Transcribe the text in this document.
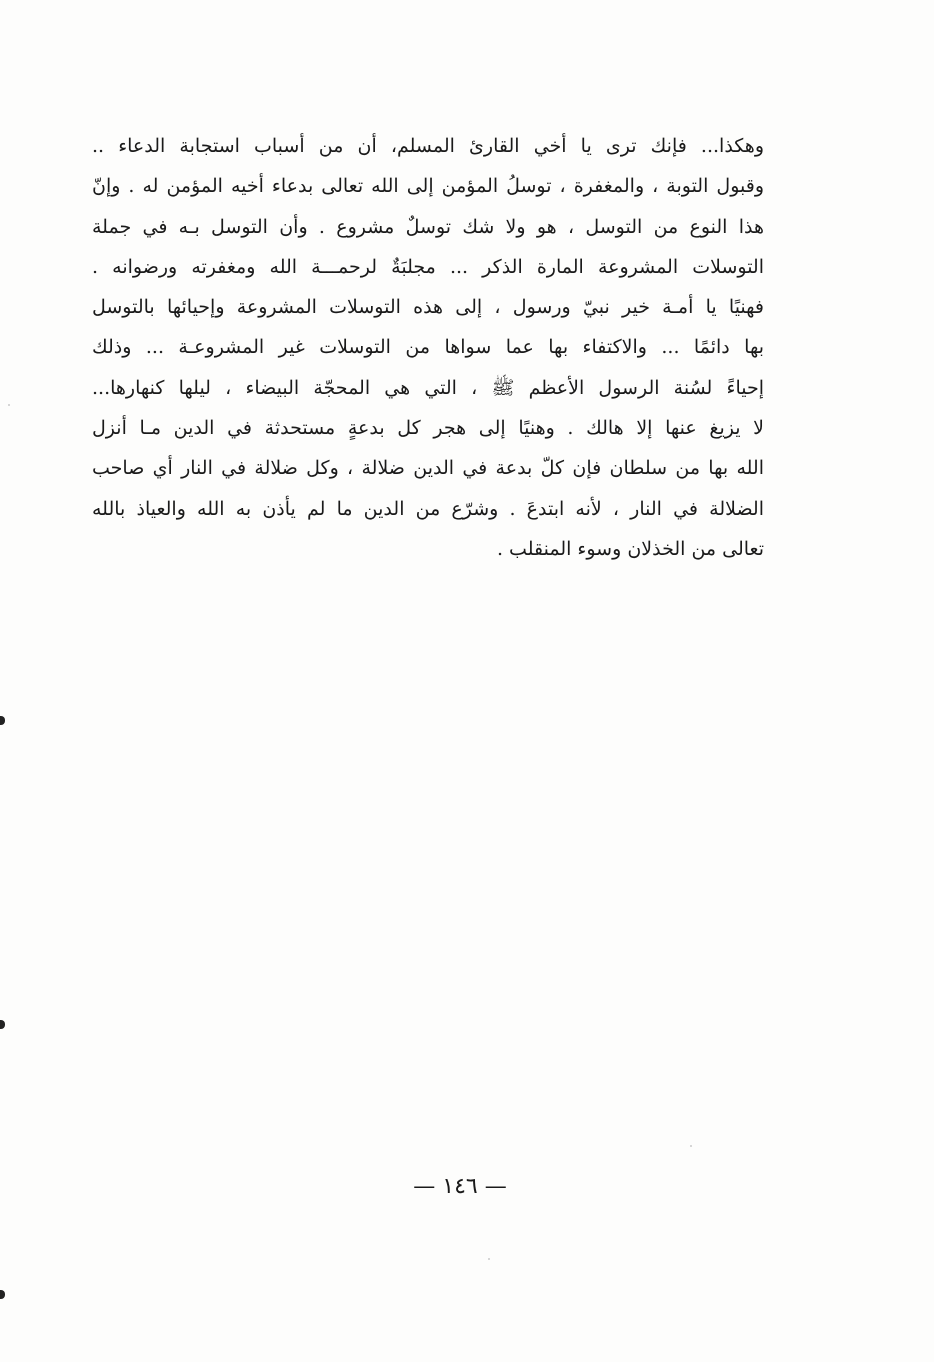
وهكذا... فإنك ترى يا أخي القارئ المسلم، أن من أسباب استجابة الدعاء ..
وقبول التوبة ، والمغفرة ، توسلُ المؤمن إلى الله تعالى بدعاء أخيه المؤمن له . وإنّ
هذا النوع من التوسل ، هو ولا شك توسلٌ مشروع . وأن التوسل بـه في جملة
التوسلات المشروعة المارة الذكر ... مجلبَةٌ لرحمـــة الله ومغفرته ورضوانه .
فهنيًا يا أمـة خير نبيّ ورسول ، إلى هذه التوسلات المشروعة وإحيائها بالتوسل
بها دائمًا ... والاكتفاء بها عما سواها من التوسلات غير المشروعـة ... وذلك
إحياءً لسُنة الرسول الأعظم ﷺ ، التي هي المحجّة البيضاء ، ليلها كنهارها...
لا يزيغ عنها إلا هالك . وهنيًا إلى هجر كل بدعةٍ مستحدثة في الدين مـا أنزل
الله بها من سلطان فإن كلّ بدعة في الدين ضلالة ، وكل ضلالة في النار أي صاحب
الضلالة في النار ، لأنه ابتدعَ . وشرّع من الدين ما لم يأذن به الله والعياذ بالله
تعالى من الخذلان وسوء المنقلب .
— ١٤٦ —
